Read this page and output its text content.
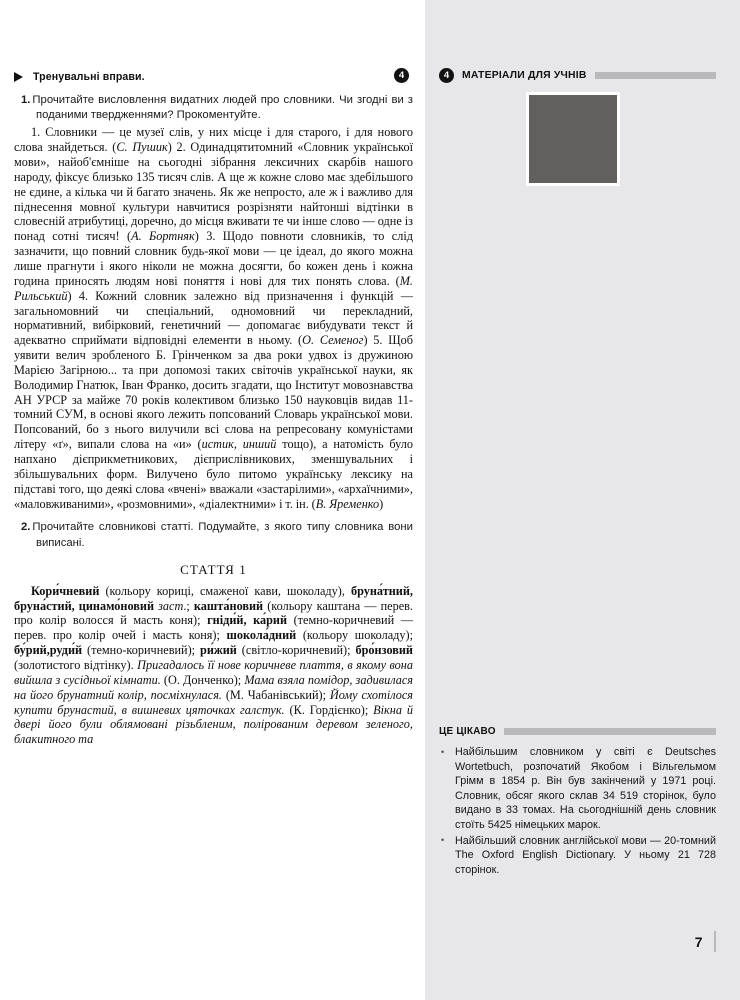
Тренувальні вправи.	4

1. Прочитайте висловлення видатних людей про словники. Чи згодні ви з поданими твердженнями? Прокоментуйте.

1. Словники — це музеї слів, у них місце і для старого, і для нового слова знайдеться. (С. Пушик) 2. Одинадцятитомний «Словник української мови», найоб'ємніше на сьогодні зібрання лексичних скарбів нашого народу, фіксує близько 135 тисяч слів. А ще ж кожне слово має здебільшого не єдине, а кілька чи й багато значень. Як же непросто, але ж і важливо для піднесення мовної культури навчитися розрізняти найтонші відтінки в словесній атрибутиці, доречно, до місця вживати те чи інше слово — одне із понад сотні тисяч! (А. Бортняк) 3. Щодо повноти словників, то слід зазначити, що повний словник будь-якої мови — це ідеал, до якого можна лише прагнути і якого ніколи не можна досягти, бо кожен день і кожна година приносять людям нові поняття і нові для тих понять слова. (М. Рильський) 4. Кожний словник залежно від призначення і функцій — загальномовний чи спеціальний, одномовний чи перекладний, нормативний, вибірковий, генетичний — допомагає вибудувати текст й адекватно сприймати відповідні елементи в ньому. (О. Семеног) 5. Щоб уявити велич зробленого Б. Грінченком за два роки удвох із дружиною Марією Загірною... та при допомозі таких світочів української науки, як Володимир Гнатюк, Іван Франко, досить згадати, що Інститут мовознавства АН УРСР за майже 70 років колективом близько 150 науковців видав 11-томний СУМ, в основі якого лежить попсований Словарь української мови. Попсований, бо з нього вилучили всі слова на репресовану комуністами літеру «ґ», випали слова на «и» (истик, инший тощо), а натомість було напхано дієприкметникових, дієприслівникових, зменшувальних і збільшувальних форм. Вилучено було питомо українську лексику на підставі того, що деякі слова «вчені» вважали «застарілими», «архаїчними», «маловживаними», «розмовними», «діалектними» і т. ін. (В. Яременко)

2. Прочитайте словникові статті. Подумайте, з якого типу словника вони виписані.

СТАТТЯ 1

Кори́чневий (кольору кориці, смаженої кави, шоколаду), бруна́тний, бруна́стий, цинамо́новий заст.; кашта́новий (кольору каштана — перев. про колір волосся й масть коня); гніди́й, ка́рий (темно-коричневий — перев. про колір очей і масть коня); шокола́дний (кольору шоколаду); бу́рий,руди́й (темно-коричневий); ри́жий (світло-коричневий); бро́нзовий (золотистого відтінку). Пригадалось її нове коричневе плаття, в якому вона вийшла з сусідньої кімнати. (О. Донченко); Мама взяла помідор, задивилася на його брунатний колір, посміхнулася. (М. Чабанівський); Йому схотілося купити брунастий, в вишневих цяточках галстук. (К. Гордієнко); Вікна й двері його були облямовані різьбленим, полірованим деревом зеленого, блакитного та

4	МАТЕРІАЛИ ДЛЯ УЧНІВ
ЦЕ ЦІКАВО
• Найбільшим словником у світі є Deutsches Wortetbuch, розпочатий Якобом і Вільгельмом Грімм в 1854 р. Він був закінчений у 1971 році. Словник, обсяг якого склав 34 519 сторінок, було видано в 33 томах. На сьогоднішній день словник стоїть 5425 німецьких марок.
• Найбільший словник англійської мови — 20-томний The Oxford English Dictionary. У ньому 21 728 сторінок.
7
